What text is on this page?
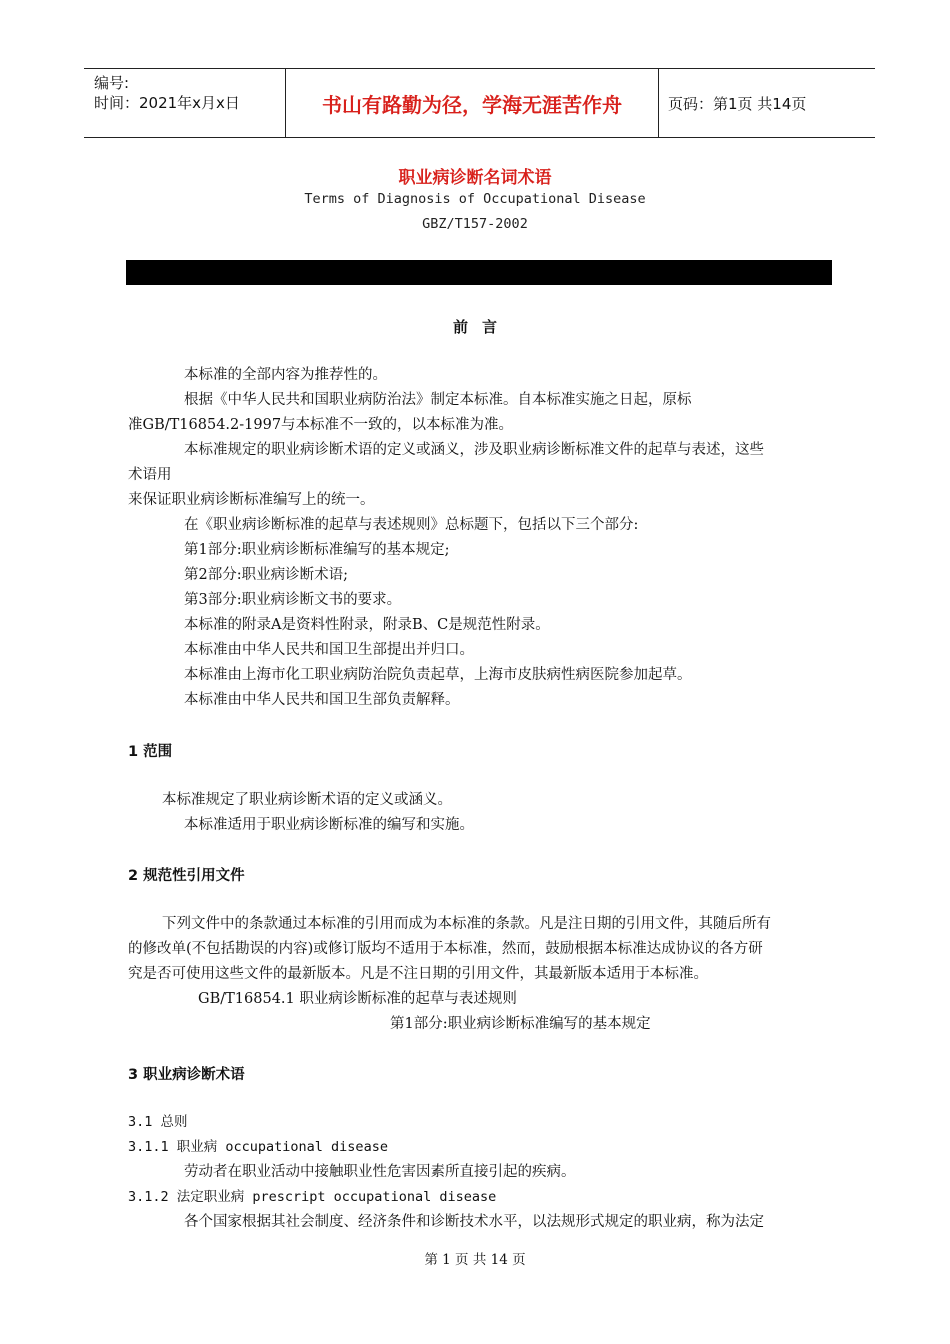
编号:
时间：2021年x月x日	书山有路勤为径，学海无涯苦作舟	页码：第1页 共14页
职业病诊断名词术语
Terms of Diagnosis of Occupational Disease
GBZ/T157-2002
前言
本标准的全部内容为推荐性的。
根据《中华人民共和国职业病防治法》制定本标准。自本标准实施之日起，原标
准GB/T16854.2-1997与本标准不一致的，以本标准为准。
本标准规定的职业病诊断术语的定义或涵义，涉及职业病诊断标准文件的起草与表述，这些
术语用
来保证职业病诊断标准编写上的统一。
在《职业病诊断标准的起草与表述规则》总标题下，包括以下三个部分:
第1部分:职业病诊断标准编写的基本规定;
第2部分:职业病诊断术语;
第3部分:职业病诊断文书的要求。
本标准的附录A是资料性附录，附录B、C是规范性附录。
本标准由中华人民共和国卫生部提出并归口。
本标准由上海市化工职业病防治院负责起草，上海市皮肤病性病医院参加起草。
本标准由中华人民共和国卫生部负责解释。
1 范围
本标准规定了职业病诊断术语的定义或涵义。
本标准适用于职业病诊断标准的编写和实施。
2 规范性引用文件
下列文件中的条款通过本标准的引用而成为本标准的条款。凡是注日期的引用文件，其随后所有
的修改单(不包括勘误的内容)或修订版均不适用于本标准，然而，鼓励根据本标准达成协议的各方研
究是否可使用这些文件的最新版本。凡是不注日期的引用文件，其最新版本适用于本标准。
GB/T16854.1 职业病诊断标准的起草与表述规则
第1部分:职业病诊断标准编写的基本规定
3 职业病诊断术语
3.1 总则
3.1.1 职业病 occupational disease
劳动者在职业活动中接触职业性危害因素所直接引起的疾病。
3.1.2 法定职业病 prescript occupational disease
各个国家根据其社会制度、经济条件和诊断技术水平，以法规形式规定的职业病，称为法定
第 1 页 共 14 页
